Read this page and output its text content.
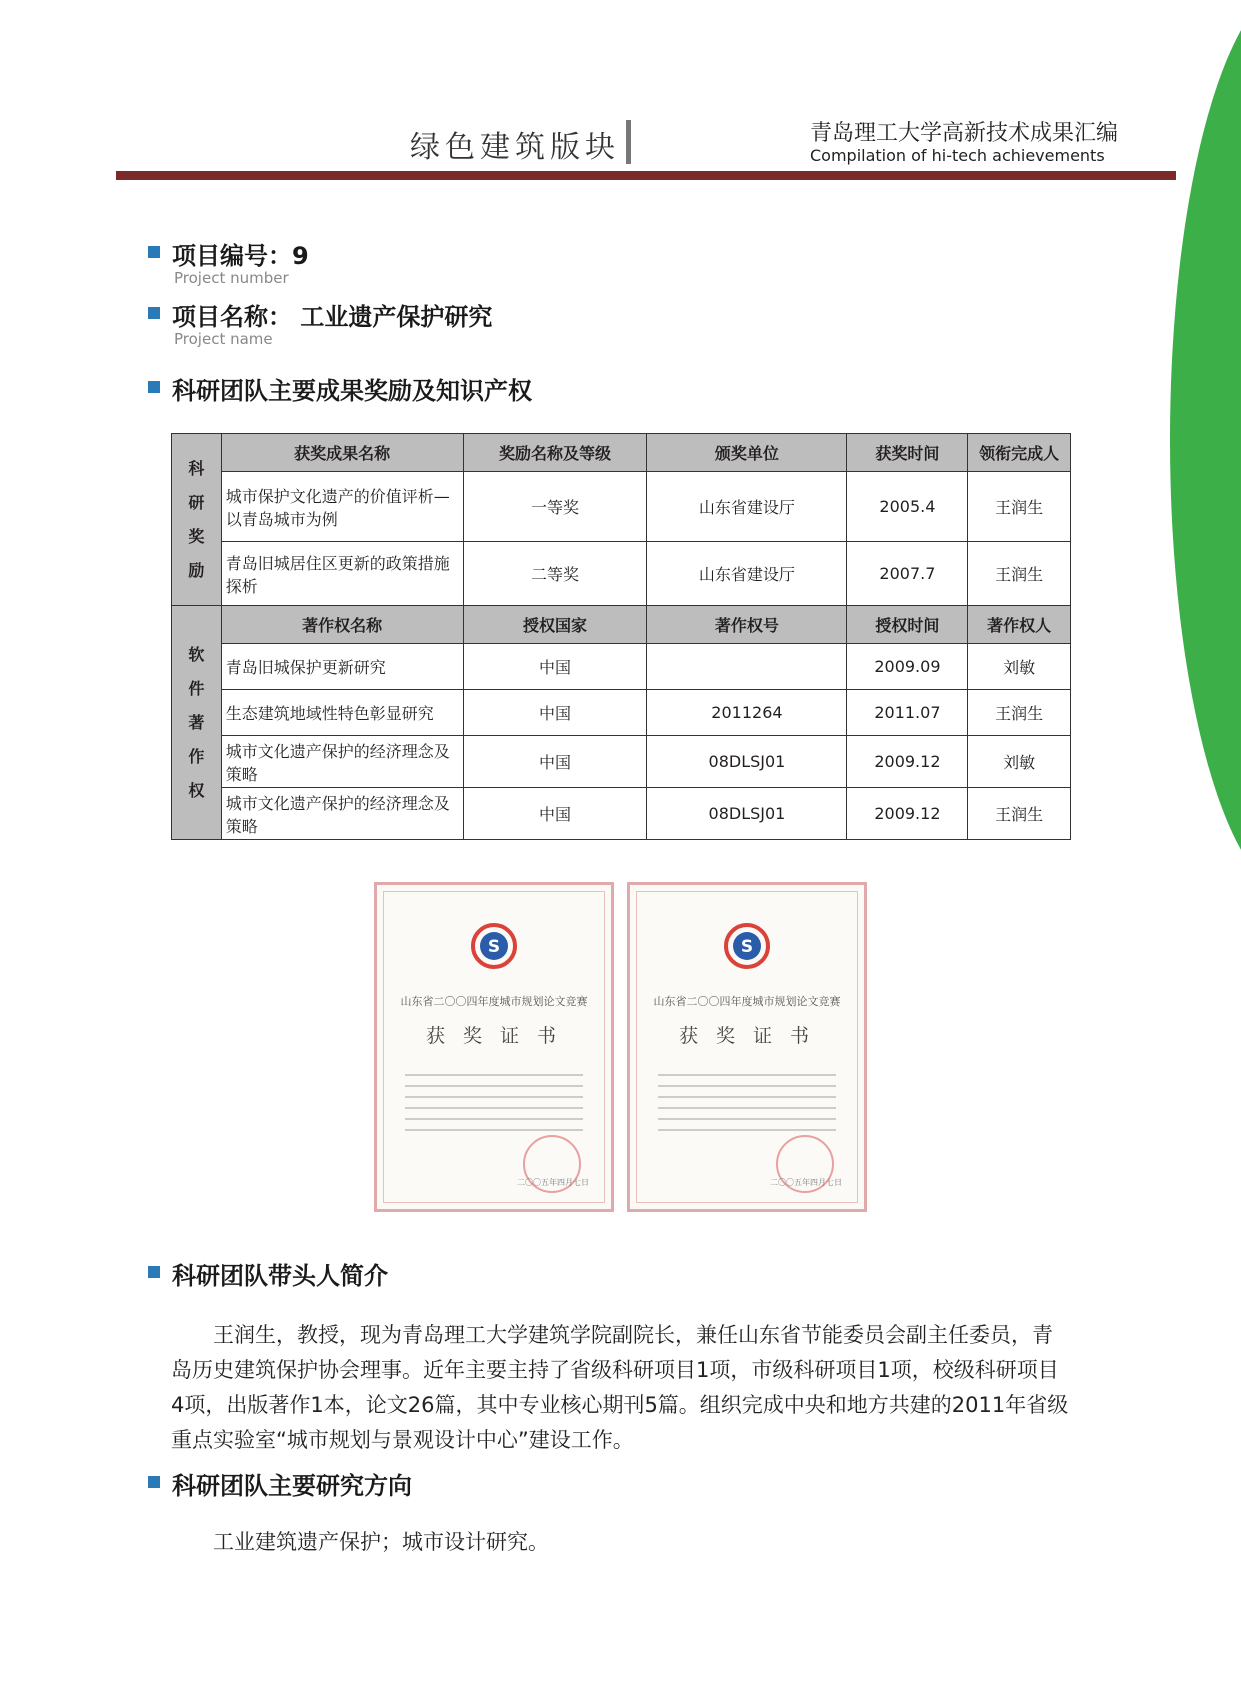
绿色建筑版块	青岛理工大学高新技术成果汇编
Compilation of hi-tech achievements
项目编号：9
Project number
项目名称： 工业遗产保护研究
Project name
科研团队主要成果奖励及知识产权
科
研
奖
励	获奖成果名称	奖励名称及等级	颁奖单位	获奖时间	领衔完成人
	城市保护文化遗产的价值评析—以青岛城市为例	一等奖	山东省建设厅	2005.4	王润生
	青岛旧城居住区更新的政策措施探析	二等奖	山东省建设厅	2007.7	王润生

软
件
著
作
权	著作权名称	授权国家	著作权号	授权时间	著作权人
	青岛旧城保护更新研究	中国		2009.09	刘敏
	生态建筑地域性特色彰显研究	中国	2011264	2011.07	王润生
	城市文化遗产保护的经济理念及策略	中国	08DLSJ01	2009.12	刘敏
	城市文化遗产保护的经济理念及策略	中国	08DLSJ01	2009.12	王润生
S
山东省二〇〇四年度城市规划论文竞赛
获 奖 证 书
二〇〇五年四月七日
S
山东省二〇〇四年度城市规划论文竞赛
获 奖 证 书
二〇〇五年四月七日
科研团队带头人简介
王润生，教授，现为青岛理工大学建筑学院副院长，兼任山东省节能委员会副主任委员，青岛历史建筑保护协会理事。近年主要主持了省级科研项目1项，市级科研项目1项，校级科研项目4项，出版著作1本，论文26篇，其中专业核心期刊5篇。组织完成中央和地方共建的2011年省级重点实验室“城市规划与景观设计中心”建设工作。
科研团队主要研究方向
工业建筑遗产保护；城市设计研究。
